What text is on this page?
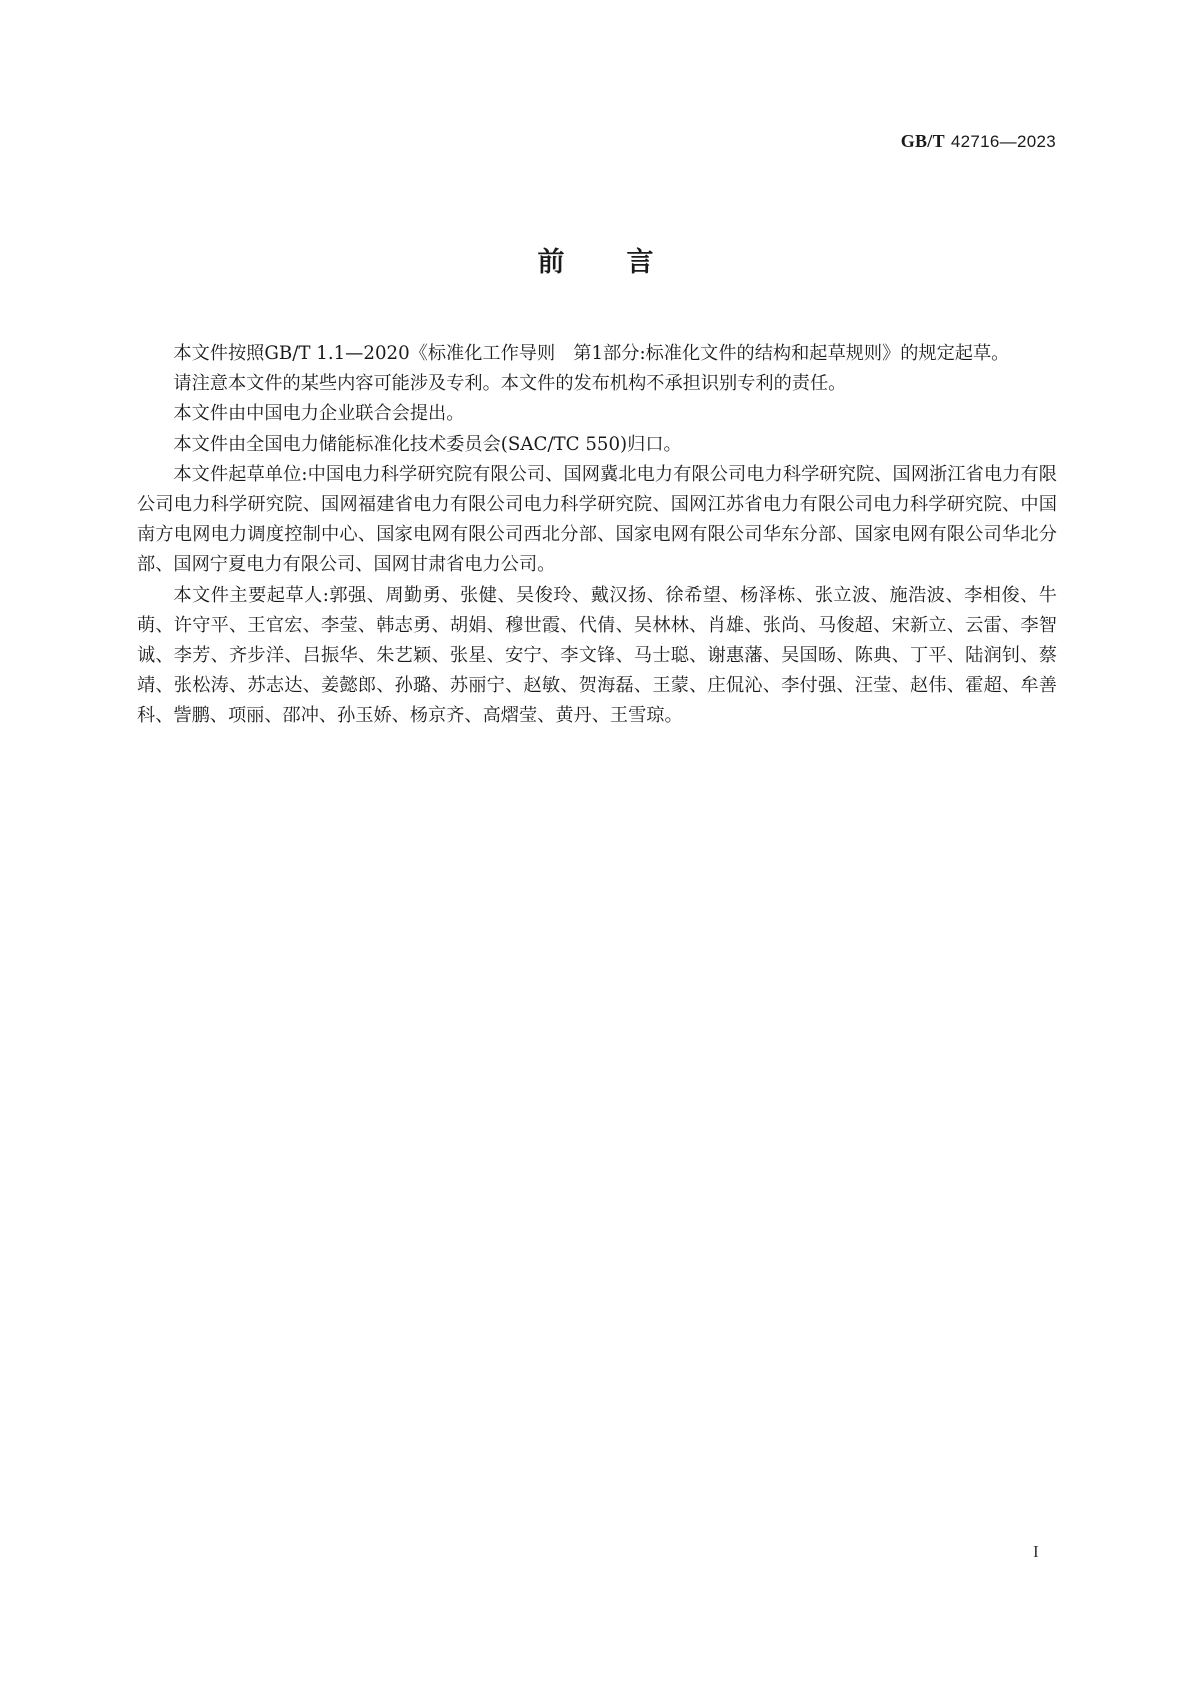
GB/T 42716—2023
前 言

本文件按照GB/T 1.1—2020《标准化工作导则　第1部分:标准化文件的结构和起草规则》的规定起草。

请注意本文件的某些内容可能涉及专利。本文件的发布机构不承担识别专利的责任。

本文件由中国电力企业联合会提出。

本文件由全国电力储能标准化技术委员会(SAC/TC 550)归口。

本文件起草单位:中国电力科学研究院有限公司、国网冀北电力有限公司电力科学研究院、国网浙江省电力有限公司电力科学研究院、国网福建省电力有限公司电力科学研究院、国网江苏省电力有限公司电力科学研究院、中国南方电网电力调度控制中心、国家电网有限公司西北分部、国家电网有限公司华东分部、国家电网有限公司华北分部、国网宁夏电力有限公司、国网甘肃省电力公司。

本文件主要起草人:郭强、周勤勇、张健、吴俊玲、戴汉扬、徐希望、杨泽栋、张立波、施浩波、李相俊、牛萌、许守平、王官宏、李莹、韩志勇、胡娟、穆世霞、代倩、吴林林、肖雄、张尚、马俊超、宋新立、云雷、李智诚、李芳、齐步洋、吕振华、朱艺颖、张星、安宁、李文锋、马士聪、谢惠藩、吴国旸、陈典、丁平、陆润钊、蔡靖、张松涛、苏志达、姜懿郎、孙璐、苏丽宁、赵敏、贺海磊、王蒙、庄侃沁、李付强、汪莹、赵伟、霍超、牟善科、訾鹏、项丽、邵冲、孙玉娇、杨京齐、高熠莹、黄丹、王雪琼。

I
